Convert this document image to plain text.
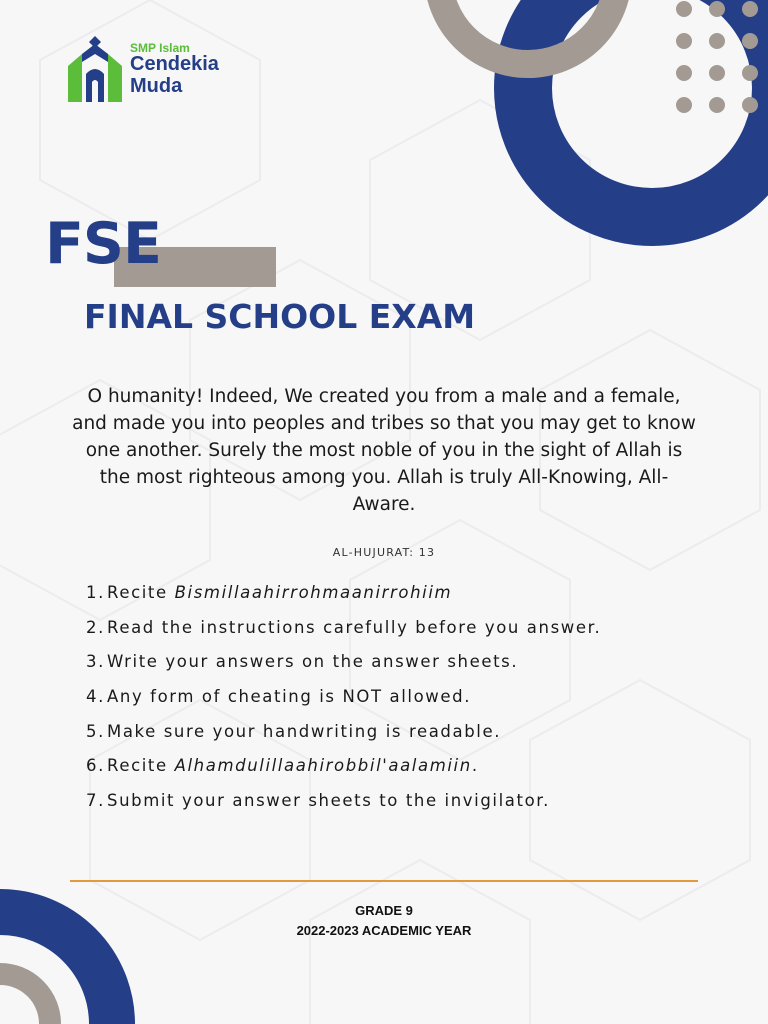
SMP Islam
Cendekia
Muda
FSE
FINAL SCHOOL EXAM
O humanity! Indeed, We created you from a male and a female, and made you into peoples and tribes so that you may get to know one another. Surely the most noble of you in the sight of Allah is the most righteous among you. Allah is truly All-Knowing, All-Aware.
AL-HUJURAT: 13
1. Recite Bismillaahirrohmaanirrohiim
2. Read the instructions carefully before you answer.
3. Write your answers on the answer sheets.
4. Any form of cheating is NOT allowed.
5. Make sure your handwriting is readable.
6. Recite Alhamdulillaahirobbil'aalamiin.
7. Submit your answer sheets to the invigilator.
GRADE 9
2022-2023 ACADEMIC YEAR
